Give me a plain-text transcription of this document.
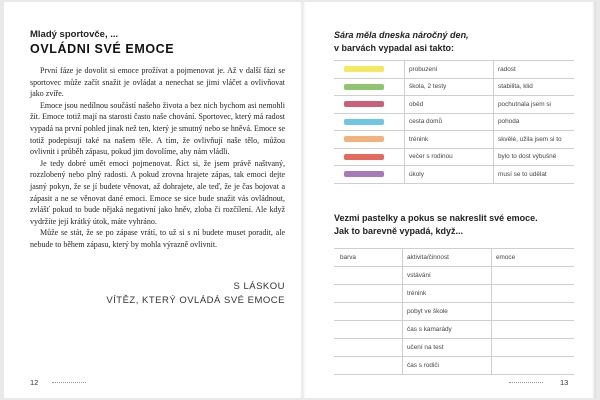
Mladý sportovče, ...
OVLÁDNI SVÉ EMOCE

První fáze je dovolit si emoce prožívat a pojmenovat je. Až v další fázi se sportovec může začít snažit je ovládat a nenechat se jimi vláčet a ovlivňovat jako zvíře.

Emoce jsou nedílnou součástí našeho života a bez nich bychom asi nemohli žít. Emoce totiž mají na starosti často naše chování. Sportovec, který má radost vypadá na první pohled jinak než ten, který je smutný nebo se hněvá. Emoce se totiž podepisují také na našem těle. A tím, že ovlivňují naše tělo, můžou ovlivnit i průběh zápasu, pokud jim dovolíme, aby nám vládli.

Je tedy dobré umět emoci pojmenovat. Říct si, že jsem právě naštvaný, rozzlobený nebo plný radosti. A pokud zrovna hrajete zápas, tak emoci dejte jasný pokyn, že se jí budete věnovat, až dohrajete, ale teď, že je čas bojovat a zápasit a ne se věnovat dané emoci. Emoce se sice bude snažit vás ovládnout, zvlášť pokud to bude nějaká negativní jako hněv, zloba či rozčílení. Ale když vydržíte její krátký útok, máte vyhráno.

Může se stát, že se po zápase vrátí, to už si s ní budete muset poradit, ale nebude to během zápasu, který by mohla výrazně ovlivnit.

S LÁSKOU
VÍTĚZ, KTERÝ OVLÁDÁ SVÉ EMOCE
12
Sára měla dneska náročný den,
v barvách vypadal asi takto:
	probuzení	radost

	škola, 2 testy	stabilita, klid

	oběd	pochutnala jsem si

	cesta domů	pohoda

	trénink	skvělé, užila jsem si to

	večer s rodinou	bylo to dost výbušné

	úkoly	musí se to udělat
Vezmi pastelky a pokus se nakreslit své emoce.
Jak to barevně vypadá, když...
barva	aktivita/činnost	emoce
	vstávání	
	trénink	
	pobyt ve škole	
	čas s kamarády	
	učení na test	
	čas s rodiči	
13
